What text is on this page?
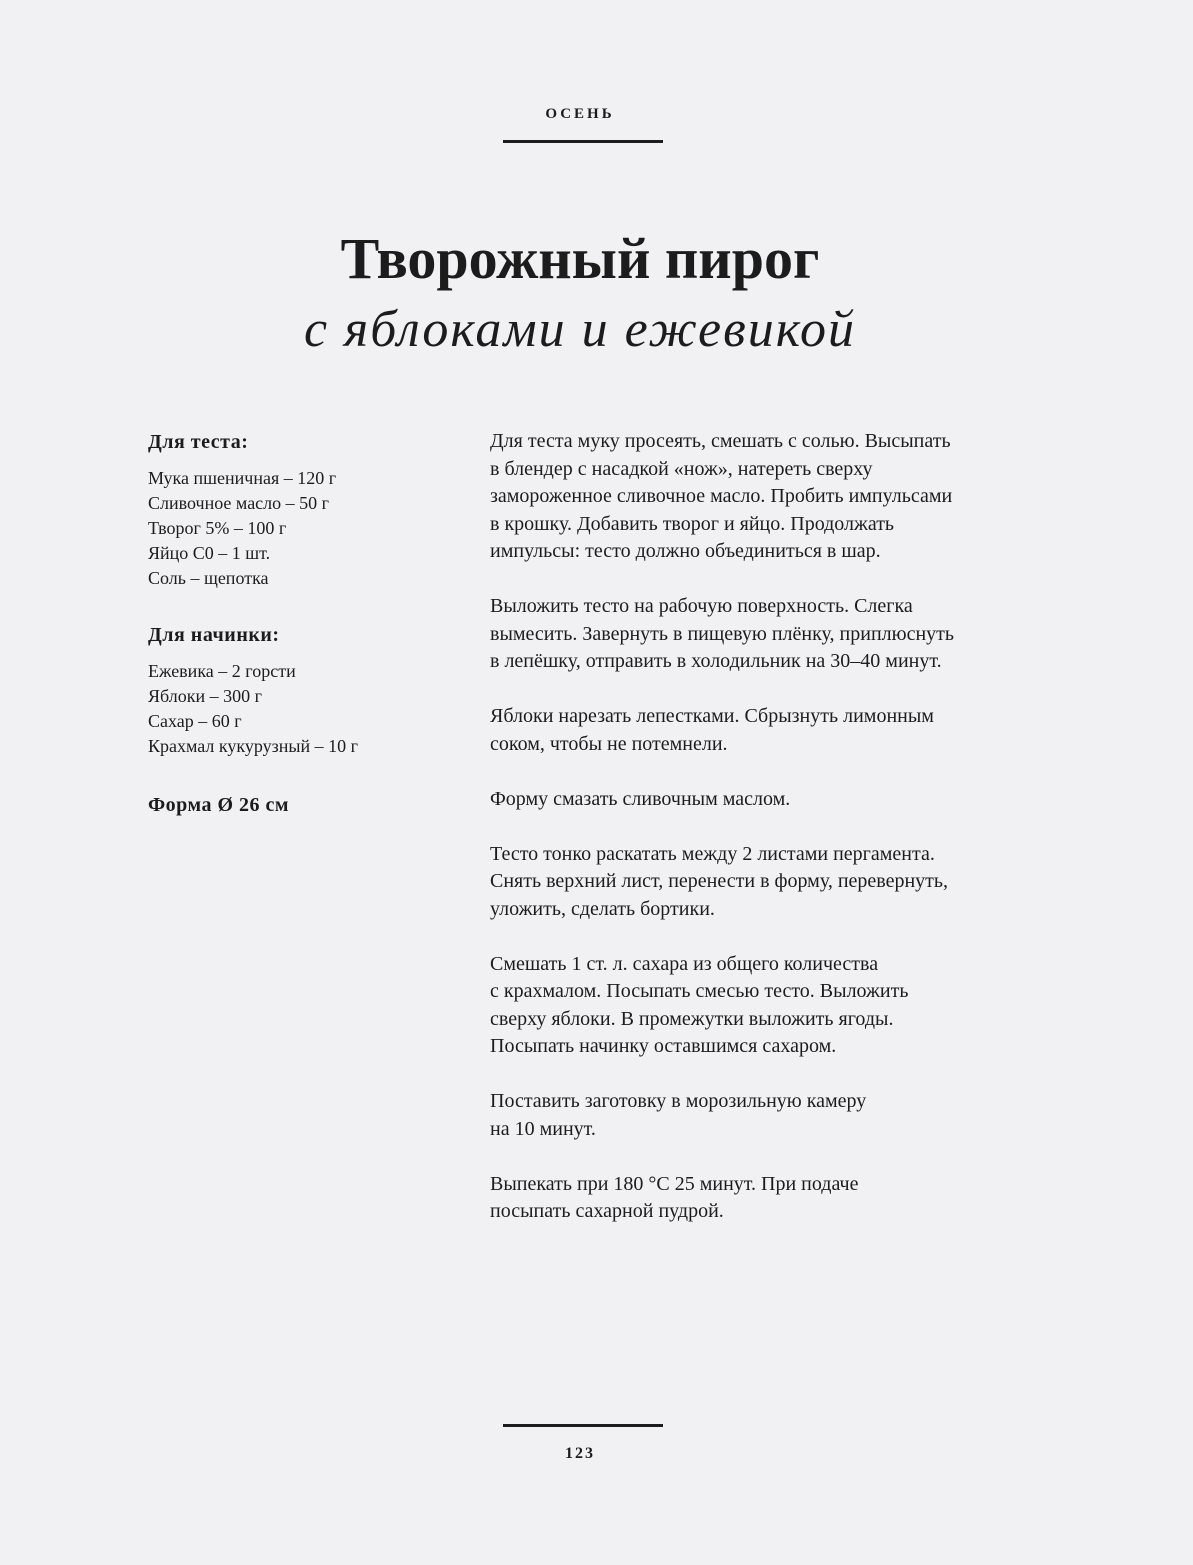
ОСЕНЬ
Творожный пирог
с яблоками и ежевикой
Для теста:
Мука пшеничная – 120 г
Сливочное масло – 50 г
Творог 5% – 100 г
Яйцо С0 – 1 шт.
Соль – щепотка
Для начинки:
Ежевика – 2 горсти
Яблоки – 300 г
Сахар – 60 г
Крахмал кукурузный – 10 г
Форма Ø 26 см

Для теста муку просеять, смешать с солью. Высыпать
в блендер с насадкой «нож», натереть сверху
замороженное сливочное масло. Пробить импульсами
в крошку. Добавить творог и яйцо. Продолжать
импульсы: тесто должно объединиться в шар.

Выложить тесто на рабочую поверхность. Слегка
вымесить. Завернуть в пищевую плёнку, приплюснуть
в лепёшку, отправить в холодильник на 30–40 минут.

Яблоки нарезать лепестками. Сбрызнуть лимонным
соком, чтобы не потемнели.

Форму смазать сливочным маслом.

Тесто тонко раскатать между 2 листами пергамента.
Снять верхний лист, перенести в форму, перевернуть,
уложить, сделать бортики.

Смешать 1 ст. л. сахара из общего количества
с крахмалом. Посыпать смесью тесто. Выложить
сверху яблоки. В промежутки выложить ягоды.
Посыпать начинку оставшимся сахаром.

Поставить заготовку в морозильную камеру
на 10 минут.

Выпекать при 180 °С 25 минут. При подаче
посыпать сахарной пудрой.

123
